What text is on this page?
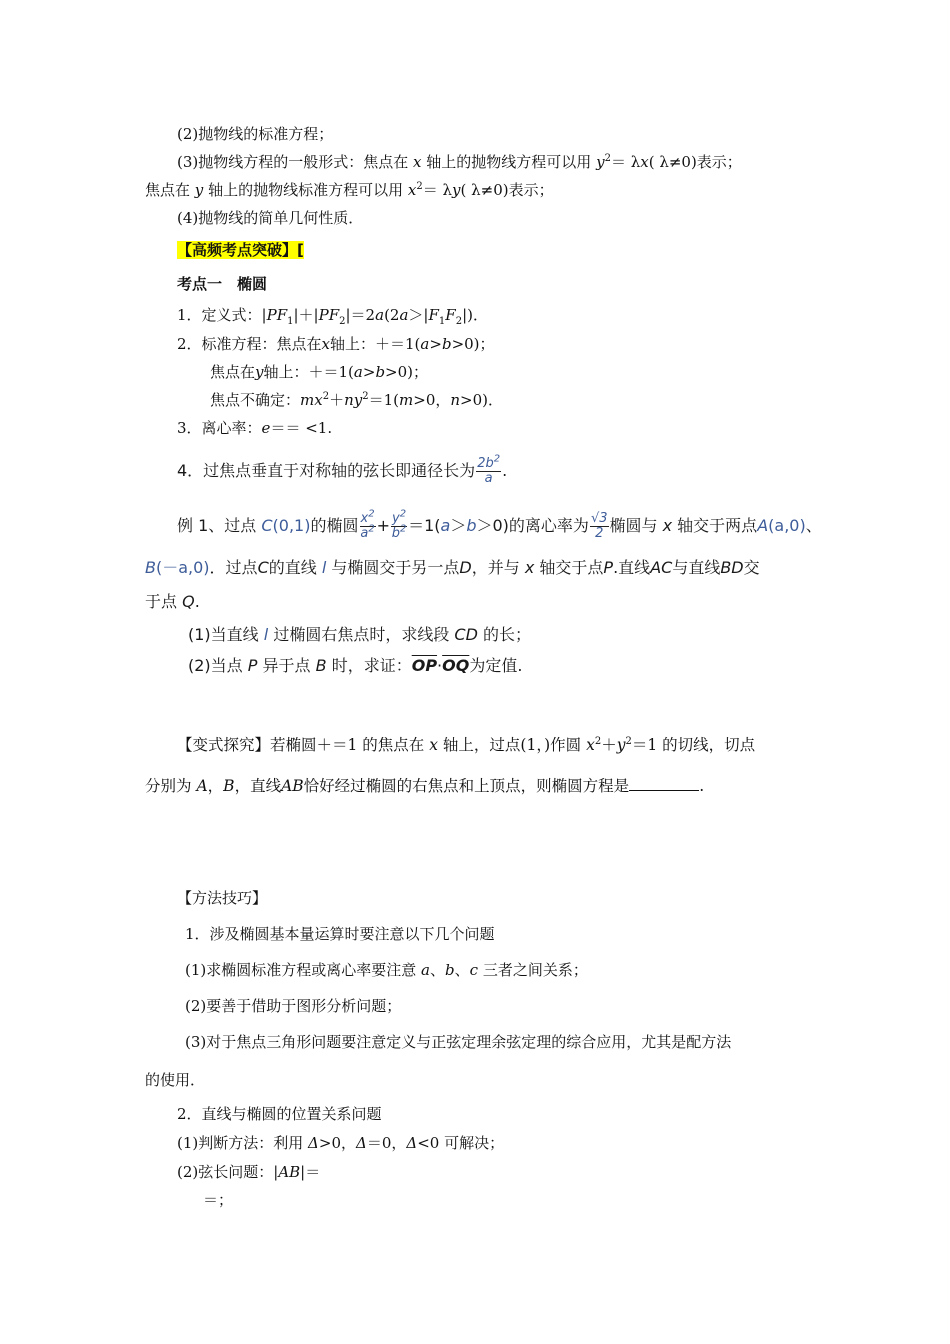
(2)抛物线的标准方程；
(3)抛物线方程的一般形式：焦点在 x 轴上的抛物线方程可以用 $y^2= \lambda x$( λ≠0)表示；
焦点在 y 轴上的抛物线标准方程可以用 $x^2= \lambda y$( λ≠0)表示；
(4)抛物线的简单几何性质．
【高频考点突破】[
考点一　椭圆
1．定义式：$|PF_1|+|PF_2|=2a(2a>|F_1F_2|)$．
2．标准方程：焦点在x轴上：＋＝1(a>b>0)；
焦点在y轴上：＋＝1(a>b>0)；
焦点不确定：$mx^2+ny^2=1(m>0$，n>0)．
3．离心率：e＝＝ <1.
4．过焦点垂直于对称轴的弦长即通径长为 $\frac{2b^2}{a}$ .
例 1、过点 C(0,1)的椭圆 $\frac{x^2}{a^2} + \frac{y^2}{b^2} =1(a>b>0)$的离心率为 $\frac{√3}{2}$ 椭圆与 x 轴交于两点A(a,0)、
B(－a,0)．过点C的直线 l 与椭圆交于另一点D，并与 x 轴交于点P.直线AC与直线BD交
于点 Q.
(1)当直线 l 过椭圆右焦点时，求线段 CD 的长；
(2)当点 P 异于点 B 时，求证：$\overline{OP}\cdot\overline{OQ}$为定值.
【变式探究】若椭圆＋＝1 的焦点在 x 轴上，过点(1，)作圆 $x^2+y^2=1$ 的切线，切点
分别为 A，B，直线AB恰好经过椭圆的右焦点和上顶点，则椭圆方程是	.
【方法技巧】
1．涉及椭圆基本量运算时要注意以下几个问题
(1)求椭圆标准方程或离心率要注意 a、b、c 三者之间关系；
(2)要善于借助于图形分析问题；
(3)对于焦点三角形问题要注意定义与正弦定理余弦定理的综合应用，尤其是配方法
的使用．
2．直线与椭圆的位置关系问题
(1)判断方法：利用 Δ>0，Δ＝0，Δ<0 可解决；
(2)弦长问题：|AB|＝
＝；
